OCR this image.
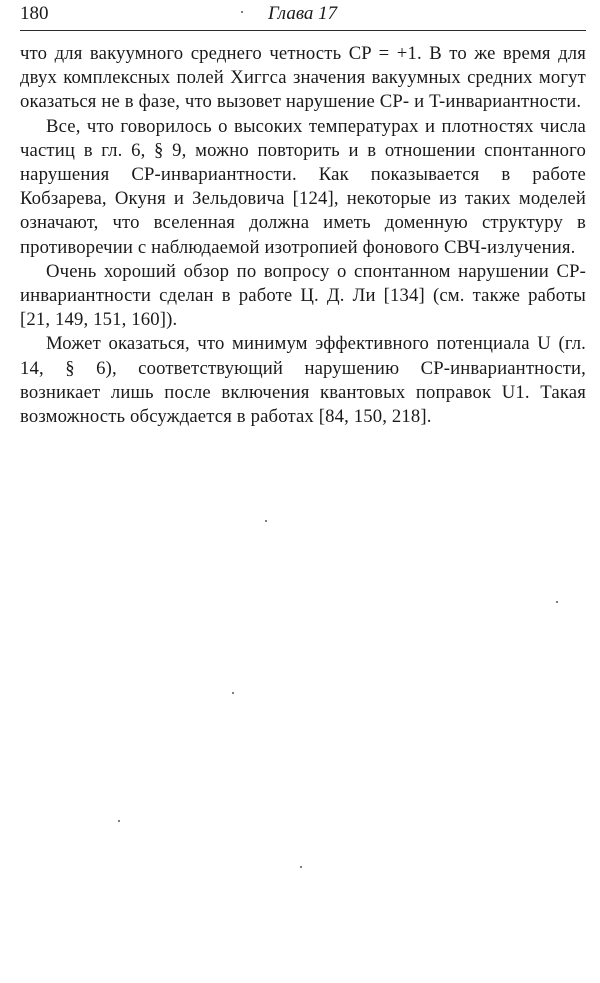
180	Глава 17

что для вакуумного среднего четность CP = +1. В то же время для двух комплексных полей Хиггса значения вакуумных средних могут оказаться не в фазе, что вызовет нарушение CP- и T-инвариантности.

Все, что говорилось о высоких температурах и плотностях числа частиц в гл. 6, § 9, можно повторить и в отношении спонтанного нарушения CP-инвариантности. Как показывается в работе Кобзарева, Окуня и Зельдовича [124], некоторые из таких моделей означают, что вселенная должна иметь доменную структуру в противоречии с наблюдаемой изотропией фонового СВЧ-излучения.

Очень хороший обзор по вопросу о спонтанном нарушении CP-инвариантности сделан в работе Ц. Д. Ли [134] (см. также работы [21, 149, 151, 160]).

Может оказаться, что минимум эффективного потенциала U (гл. 14, § 6), соответствующий нарушению CP-инвариантности, возникает лишь после включения квантовых поправок U1. Такая возможность обсуждается в работах [84, 150, 218].
